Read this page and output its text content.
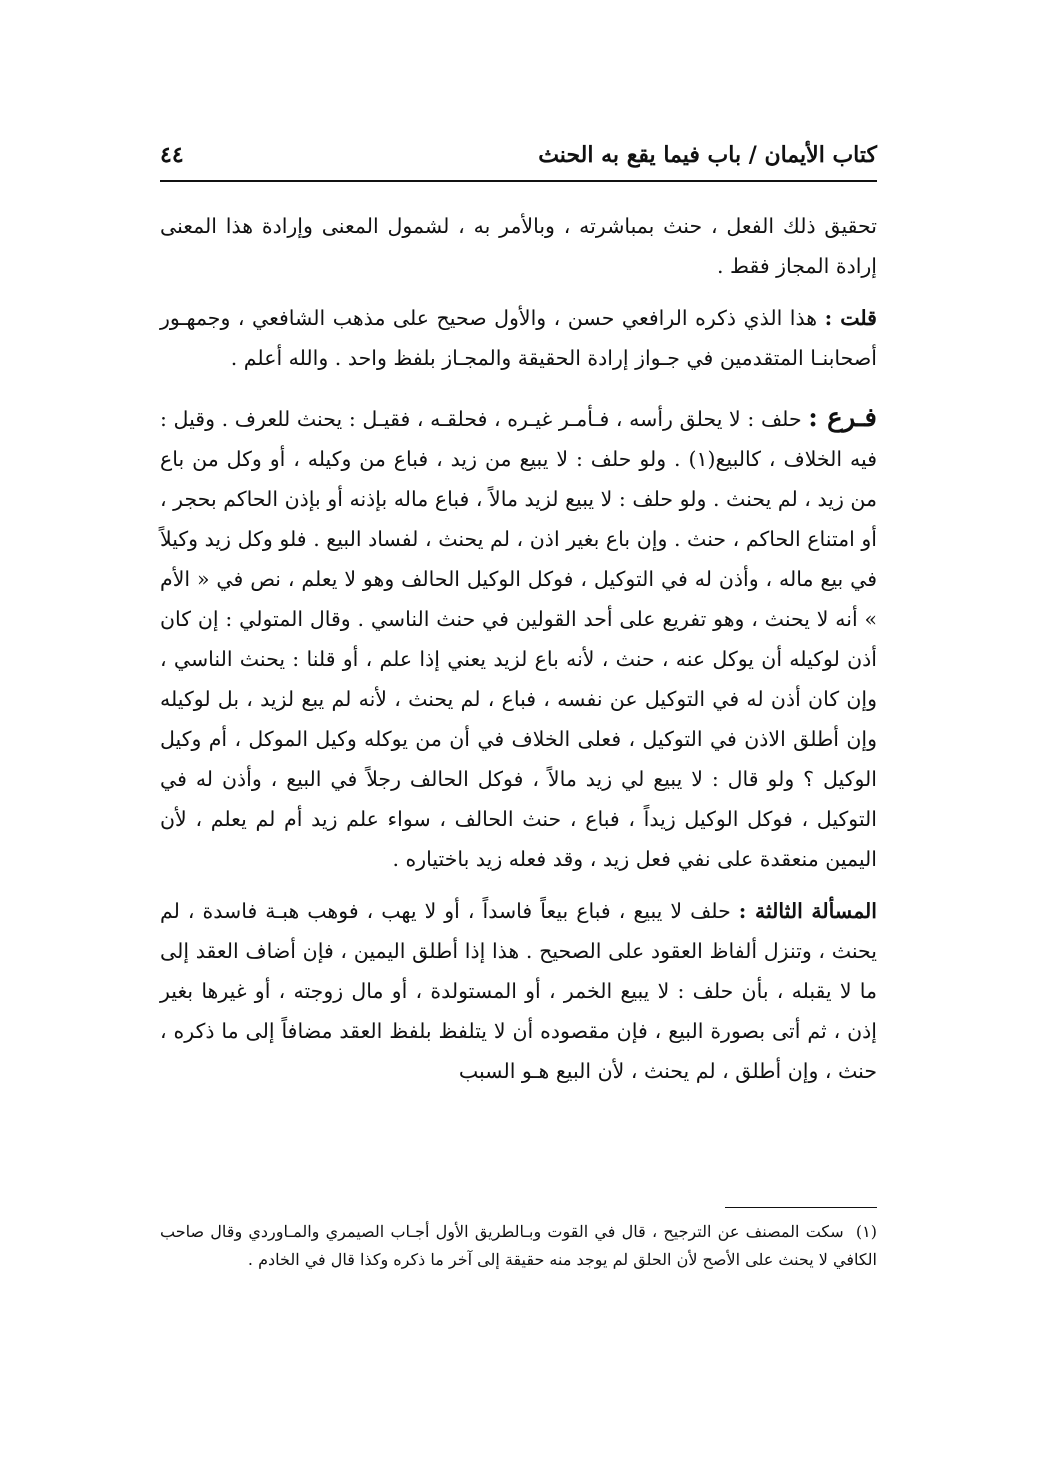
كتاب الأيمان / باب فيما يقع به الحنث
٤٤

تحقيق ذلك الفعل ، حنث بمباشرته ، وبالأمر به ، لشمول المعنى وإرادة هذا المعنى إرادة المجاز فقط .

قلت : هذا الذي ذكره الرافعي حسن ، والأول صحيح على مذهب الشافعي ، وجمهـور أصحابنـا المتقدمين في جـواز إرادة الحقيقة والمجـاز بلفظ واحد . والله أعلم .

فـرع : حلف : لا يحلق رأسه ، فـأمـر غيـره ، فحلقـه ، فقيـل : يحنث للعرف . وقيل : فيه الخلاف ، كالبيع(١) . ولو حلف : لا يبيع من زيد ، فباع من وكيله ، أو وكل من باع من زيد ، لم يحنث . ولو حلف : لا يبيع لزيد مالاً ، فباع ماله بإذنه أو بإذن الحاكم بحجر ، أو امتناع الحاكم ، حنث . وإن باع بغير اذن ، لم يحنث ، لفساد البيع . فلو وكل زيد وكيلاً في بيع ماله ، وأذن له في التوكيل ، فوكل الوكيل الحالف وهو لا يعلم ، نص في « الأم » أنه لا يحنث ، وهو تفريع على أحد القولين في حنث الناسي . وقال المتولي : إن كان أذن لوكيله أن يوكل عنه ، حنث ، لأنه باع لزيد يعني إذا علم ، أو قلنا : يحنث الناسي ، وإن كان أذن له في التوكيل عن نفسه ، فباع ، لم يحنث ، لأنه لم يبع لزيد ، بل لوكيله وإن أطلق الاذن في التوكيل ، فعلى الخلاف في أن من يوكله وكيل الموكل ، أم وكيل الوكيل ؟ ولو قال : لا يبيع لي زيد مالاً ، فوكل الحالف رجلاً في البيع ، وأذن له في التوكيل ، فوكل الوكيل زيداً ، فباع ، حنث الحالف ، سواء علم زيد أم لم يعلم ، لأن اليمين منعقدة على نفي فعل زيد ، وقد فعله زيد باختياره .

المسألة الثالثة : حلف لا يبيع ، فباع بيعاً فاسداً ، أو لا يهب ، فوهب هبـة فاسدة ، لم يحنث ، وتنزل ألفاظ العقود على الصحيح . هذا إذا أطلق اليمين ، فإن أضاف العقد إلى ما لا يقبله ، بأن حلف : لا يبيع الخمر ، أو المستولدة ، أو مال زوجته ، أو غيرها بغير إذن ، ثم أتى بصورة البيع ، فإن مقصوده أن لا يتلفظ بلفظ العقد مضافاً إلى ما ذكره ، حنث ، وإن أطلق ، لم يحنث ، لأن البيع هـو السبب

(١) سكت المصنف عن الترجيح ، قال في القوت وبـالطريق الأول أجـاب الصيمري والمـاوردي وقال صاحب الكافي لا يحنث على الأصح لأن الحلق لم يوجد منه حقيقة إلى آخر ما ذكره وكذا قال في الخادم .
